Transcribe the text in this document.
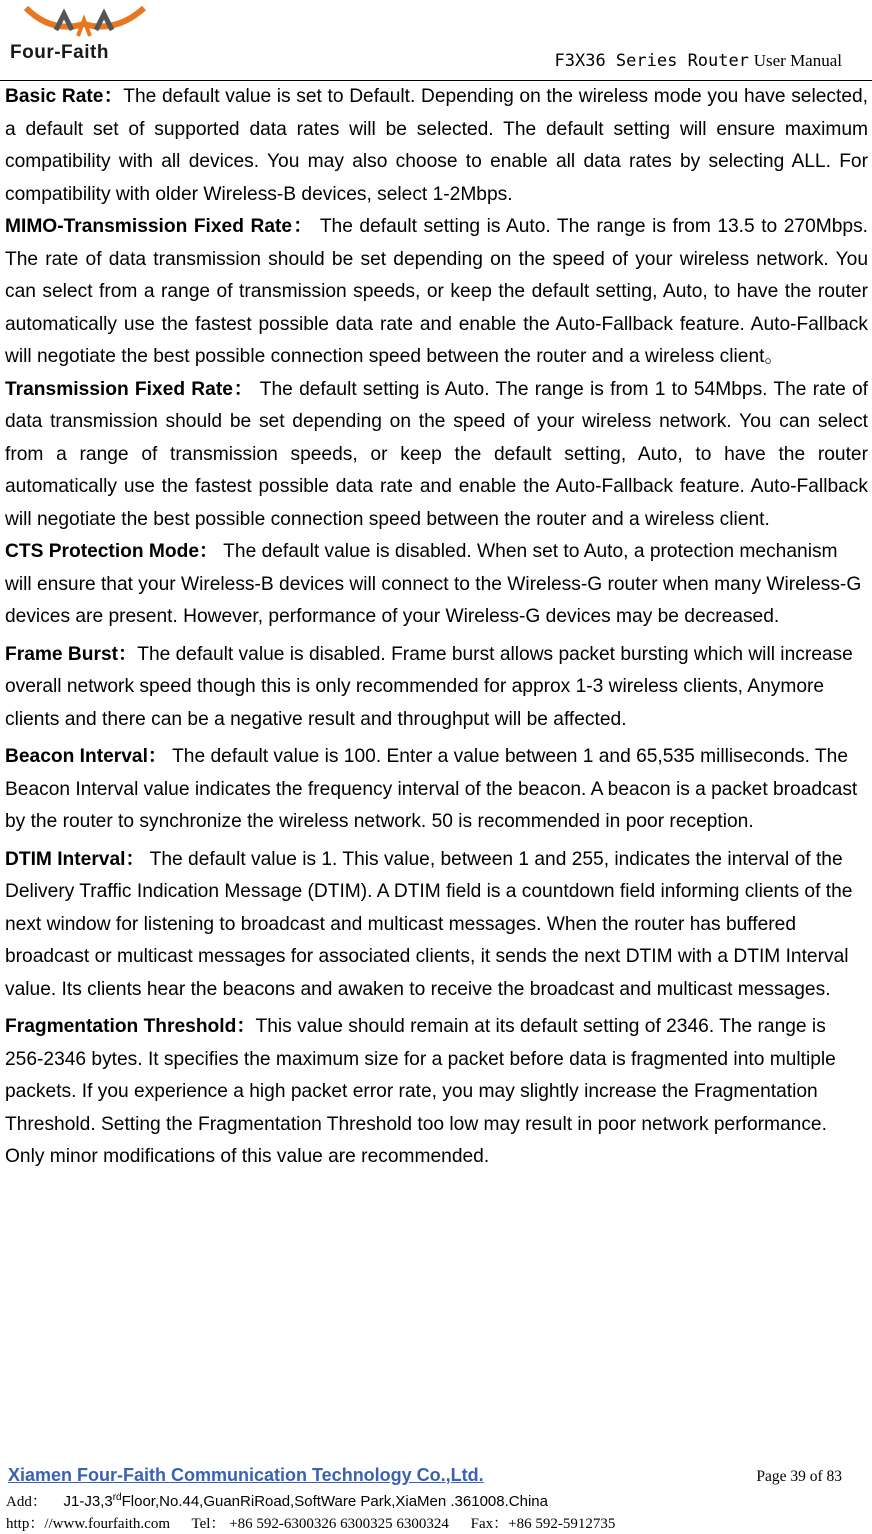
Four-Faith	F3X36 Series Router User Manual

Basic Rate：The default value is set to Default. Depending on the wireless mode you have selected, a default set of supported data rates will be selected. The default setting will ensure maximum compatibility with all devices. You may also choose to enable all data rates by selecting ALL. For compatibility with older Wireless-B devices, select 1-2Mbps.

MIMO-Transmission Fixed Rate： The default setting is Auto. The range is from 13.5 to 270Mbps. The rate of data transmission should be set depending on the speed of your wireless network. You can select from a range of transmission speeds, or keep the default setting, Auto, to have the router automatically use the fastest possible data rate and enable the Auto-Fallback feature. Auto-Fallback will negotiate the best possible connection speed between the router and a wireless client。

Transmission Fixed Rate： The default setting is Auto. The range is from 1 to 54Mbps. The rate of data transmission should be set depending on the speed of your wireless network. You can select from a range of transmission speeds, or keep the default setting, Auto, to have the router automatically use the fastest possible data rate and enable the Auto-Fallback feature. Auto-Fallback will negotiate the best possible connection speed between the router and a wireless client.

CTS Protection Mode： The default value is disabled. When set to Auto, a protection mechanism will ensure that your Wireless-B devices will connect to the Wireless-G router when many Wireless-G devices are present. However, performance of your Wireless-G devices may be decreased.

Frame Burst：The default value is disabled. Frame burst allows packet bursting which will increase overall network speed though this is only recommended for approx 1-3 wireless clients, Anymore clients and there can be a negative result and throughput will be affected.

Beacon Interval： The default value is 100. Enter a value between 1 and 65,535 milliseconds. The Beacon Interval value indicates the frequency interval of the beacon. A beacon is a packet broadcast by the router to synchronize the wireless network. 50 is recommended in poor reception.

DTIM Interval： The default value is 1. This value, between 1 and 255, indicates the interval of the Delivery Traffic Indication Message (DTIM). A DTIM field is a countdown field informing clients of the next window for listening to broadcast and multicast messages. When the router has buffered broadcast or multicast messages for associated clients, it sends the next DTIM with a DTIM Interval value. Its clients hear the beacons and awaken to receive the broadcast and multicast messages.

Fragmentation Threshold：This value should remain at its default setting of 2346. The range is 256-2346 bytes. It specifies the maximum size for a packet before data is fragmented into multiple packets. If you experience a high packet error rate, you may slightly increase the Fragmentation Threshold. Setting the Fragmentation Threshold too low may result in poor network performance. Only minor modifications of this value are recommended.

Xiamen Four-Faith Communication Technology Co.,Ltd.	Page 39 of 83
Add： J1-J3,3rdFloor,No.44,GuanRiRoad,SoftWare Park,XiaMen .361008.China
http：//www.fourfaith.com Tel： +86 592-6300326 6300325 6300324 Fax：+86 592-5912735
